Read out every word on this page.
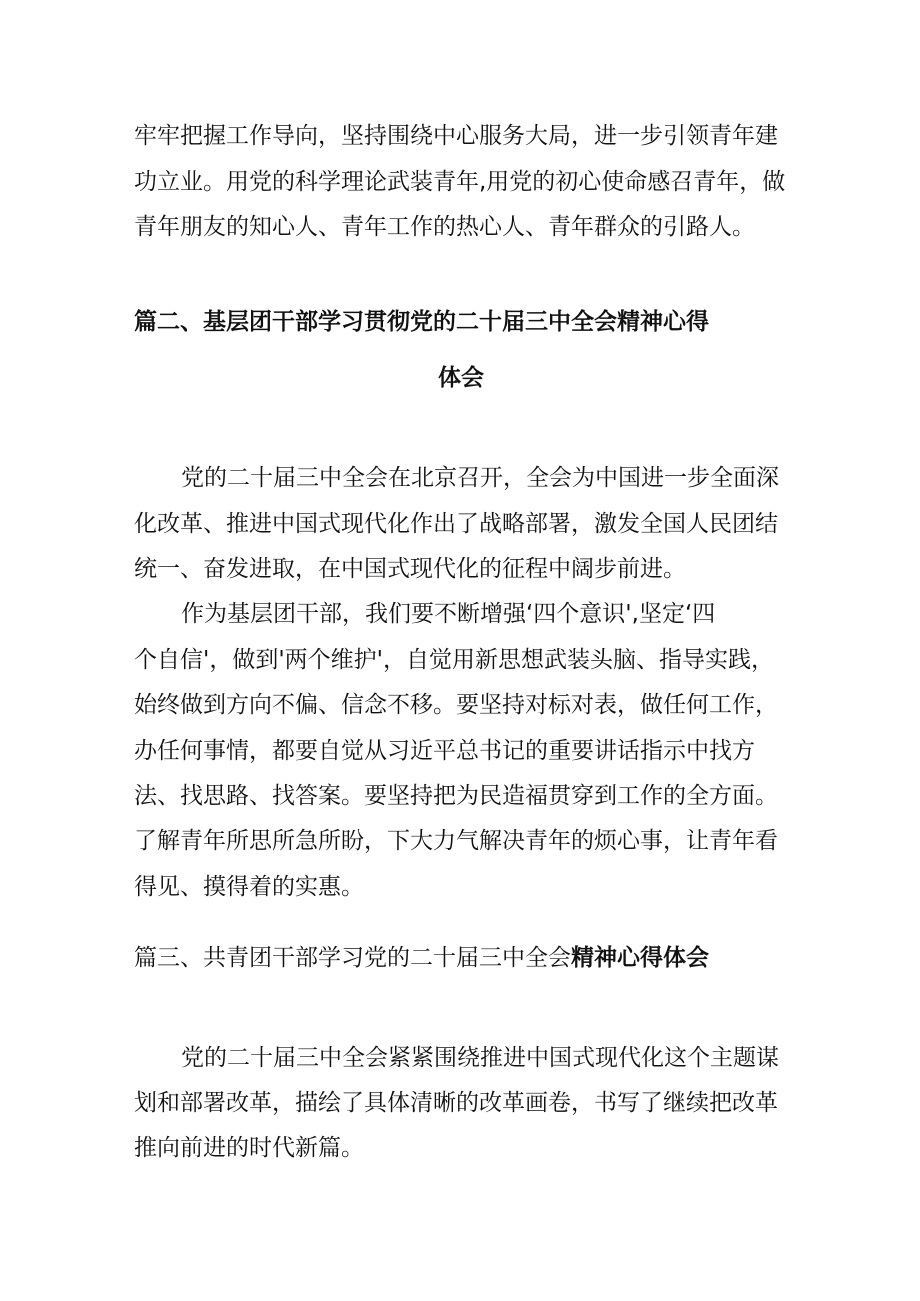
牢牢把握工作导向，坚持围绕中心服务大局，进一步引领青年建
功立业。用党的科学理论武装青年,用党的初心使命感召青年，做
青年朋友的知心人、青年工作的热心人、青年群众的引路人。
篇二、基层团干部学习贯彻党的二十届三中全会精神心得
体会
党的二十届三中全会在北京召开，全会为中国进一步全面深
化改革、推进中国式现代化作出了战略部署，激发全国人民团结
统一、奋发进取，在中国式现代化的征程中阔步前进。
作为基层团干部，我们要不断增强‘四个意识',坚定‘四
个自信'，做到'两个维护'，自觉用新思想武装头脑、指导实践，
始终做到方向不偏、信念不移。要坚持对标对表，做任何工作，
办任何事情，都要自觉从习近平总书记的重要讲话指示中找方
法、找思路、找答案。要坚持把为民造福贯穿到工作的全方面。
了解青年所思所急所盼，下大力气解决青年的烦心事，让青年看
得见、摸得着的实惠。
篇三、共青团干部学习党的二十届三中全会精神心得体会
党的二十届三中全会紧紧围绕推进中国式现代化这个主题谋
划和部署改革，描绘了具体清晰的改革画卷，书写了继续把改革
推向前进的时代新篇。
